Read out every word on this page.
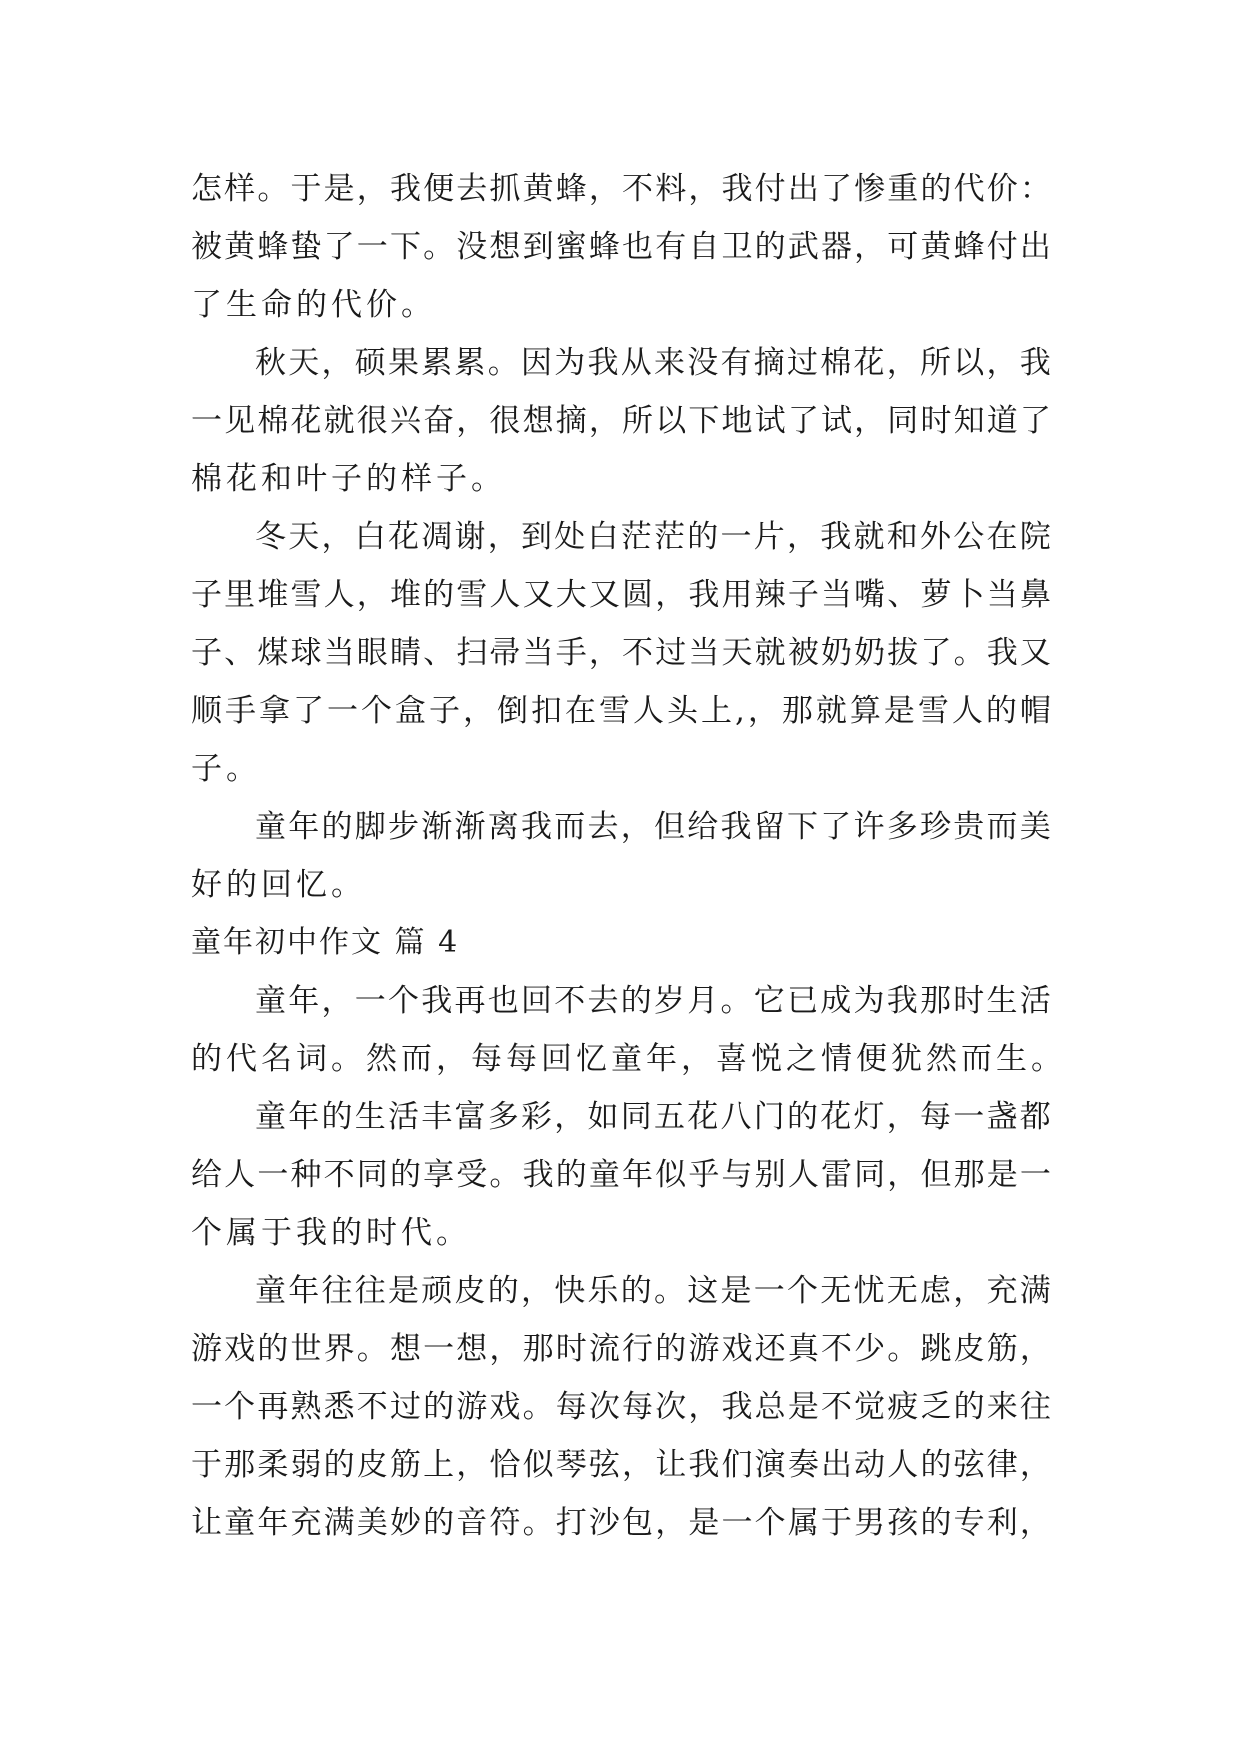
怎 样 。 于 是 ， 我 便 去 抓 黄 蜂 ， 不 料 ， 我 付 出 了 惨 重 的 代 价 ：
被 黄 蜂 蛰 了 一 下 。 没 想 到 蜜 蜂 也 有 自 卫 的 武 器 ， 可 黄 蜂 付 出
了生命的代价。
秋 天 ， 硕 果 累 累 。 因 为 我 从 来 没 有 摘 过 棉 花 ， 所 以 ， 我
一 见 棉 花 就 很 兴 奋 ， 很 想 摘 ， 所 以 下 地 试 了 试 ， 同 时 知 道 了
棉花和叶子的样子。
冬 天 ， 白 花 凋 谢 ， 到 处 白 茫 茫 的 一 片 ， 我 就 和 外 公 在 院
子 里 堆 雪 人 ， 堆 的 雪 人 又 大 又 圆 ， 我 用 辣 子 当 嘴 、 萝 卜 当 鼻
子 、 煤 球 当 眼 睛 、 扫 帚 当 手 ， 不 过 当 天 就 被 奶 奶 拔 了 。 我 又
顺 手 拿 了 一 个 盒 子 ， 倒 扣 在 雪 人 头 上 , ， 那 就 算 是 雪 人 的 帽
子。
童 年 的 脚 步 渐 渐 离 我 而 去 ， 但 给 我 留 下 了 许 多 珍 贵 而 美
好的回忆。
童年初中作文 篇 4
童 年 ， 一 个 我 再 也 回 不 去 的 岁 月 。 它 已 成 为 我 那 时 生 活
的代名词。然而，每每回忆童年，喜悦之情便犹然而生。
童 年 的 生 活 丰 富 多 彩 ， 如 同 五 花 八 门 的 花 灯 ， 每 一 盏 都
给 人 一 种 不 同 的 享 受 。 我 的 童 年 似 乎 与 别 人 雷 同 ， 但 那 是 一
个属于我的时代。
童 年 往 往 是 顽 皮 的 ， 快 乐 的 。 这 是 一 个 无 忧 无 虑 ， 充 满
游 戏 的 世 界 。 想 一 想 ， 那 时 流 行 的 游 戏 还 真 不 少 。 跳 皮 筋 ，
一 个 再 熟 悉 不 过 的 游 戏 。 每 次 每 次 ， 我 总 是 不 觉 疲 乏 的 来 往
于 那 柔 弱 的 皮 筋 上 ， 恰 似 琴 弦 ， 让 我 们 演 奏 出 动 人 的 弦 律 ，
让 童 年 充 满 美 妙 的 音 符 。 打 沙 包 ， 是 一 个 属 于 男 孩 的 专 利 ，
